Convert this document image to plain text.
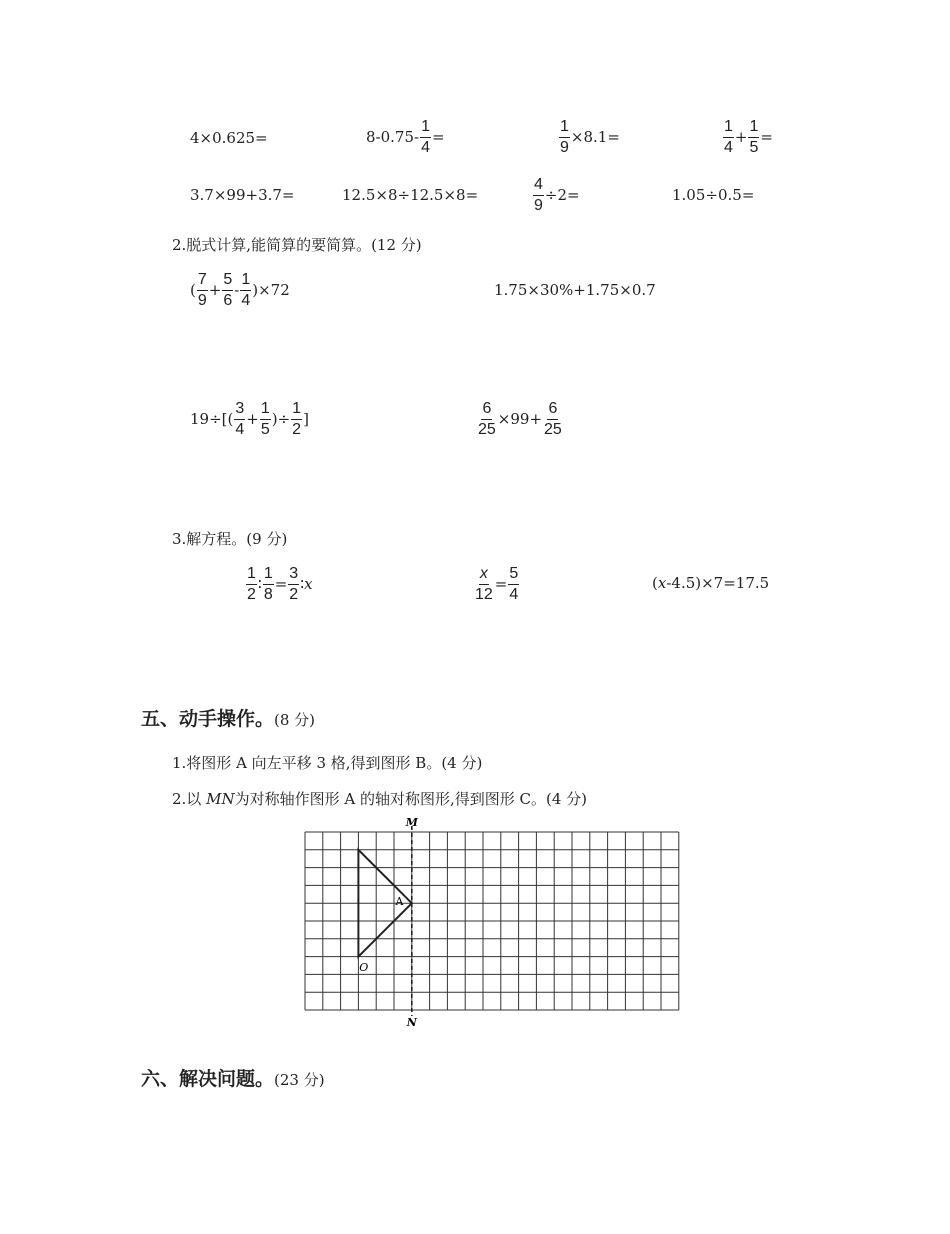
4×0.625=	$8-0.75- \frac{1}{4}$ =	$\frac{1}{9} \times 8.1=$	$\frac{1}{4} + \frac{1}{5}$ =
3.7×99+3.7=	12.5×8÷12.5×8=	$\frac{4}{9} \div 2=$	1.05÷0.5=
2.脱式计算,能简算的要简算。(12 分)
( $\frac{7}{9} + \frac{5}{6} - \frac{1}{4} )\times 72$	1.75×30%+1.75×0.7
$19\div[( \frac{3}{4} + \frac{1}{5}$ )÷ $\frac{1}{2}$ ]	$\frac{6}{25} \times 99+ \frac{6}{25}$
3.解方程。(9 分)
$\frac{1}{2}$ ∶ $\frac{1}{8} = \frac{3}{2}$ ∶ x	$\frac{x}{12} = \frac{5}{4}$	( x -4.5)×7=17.5
五、动手操作。(8 分)
1.将图形 A 向左平移 3 格,得到图形 B。(4 分)
2.以 MN为对称轴作图形 A 的轴对称图形,得到图形 C。(4 分)
M
N
A
O
六、解决问题。(23 分)
